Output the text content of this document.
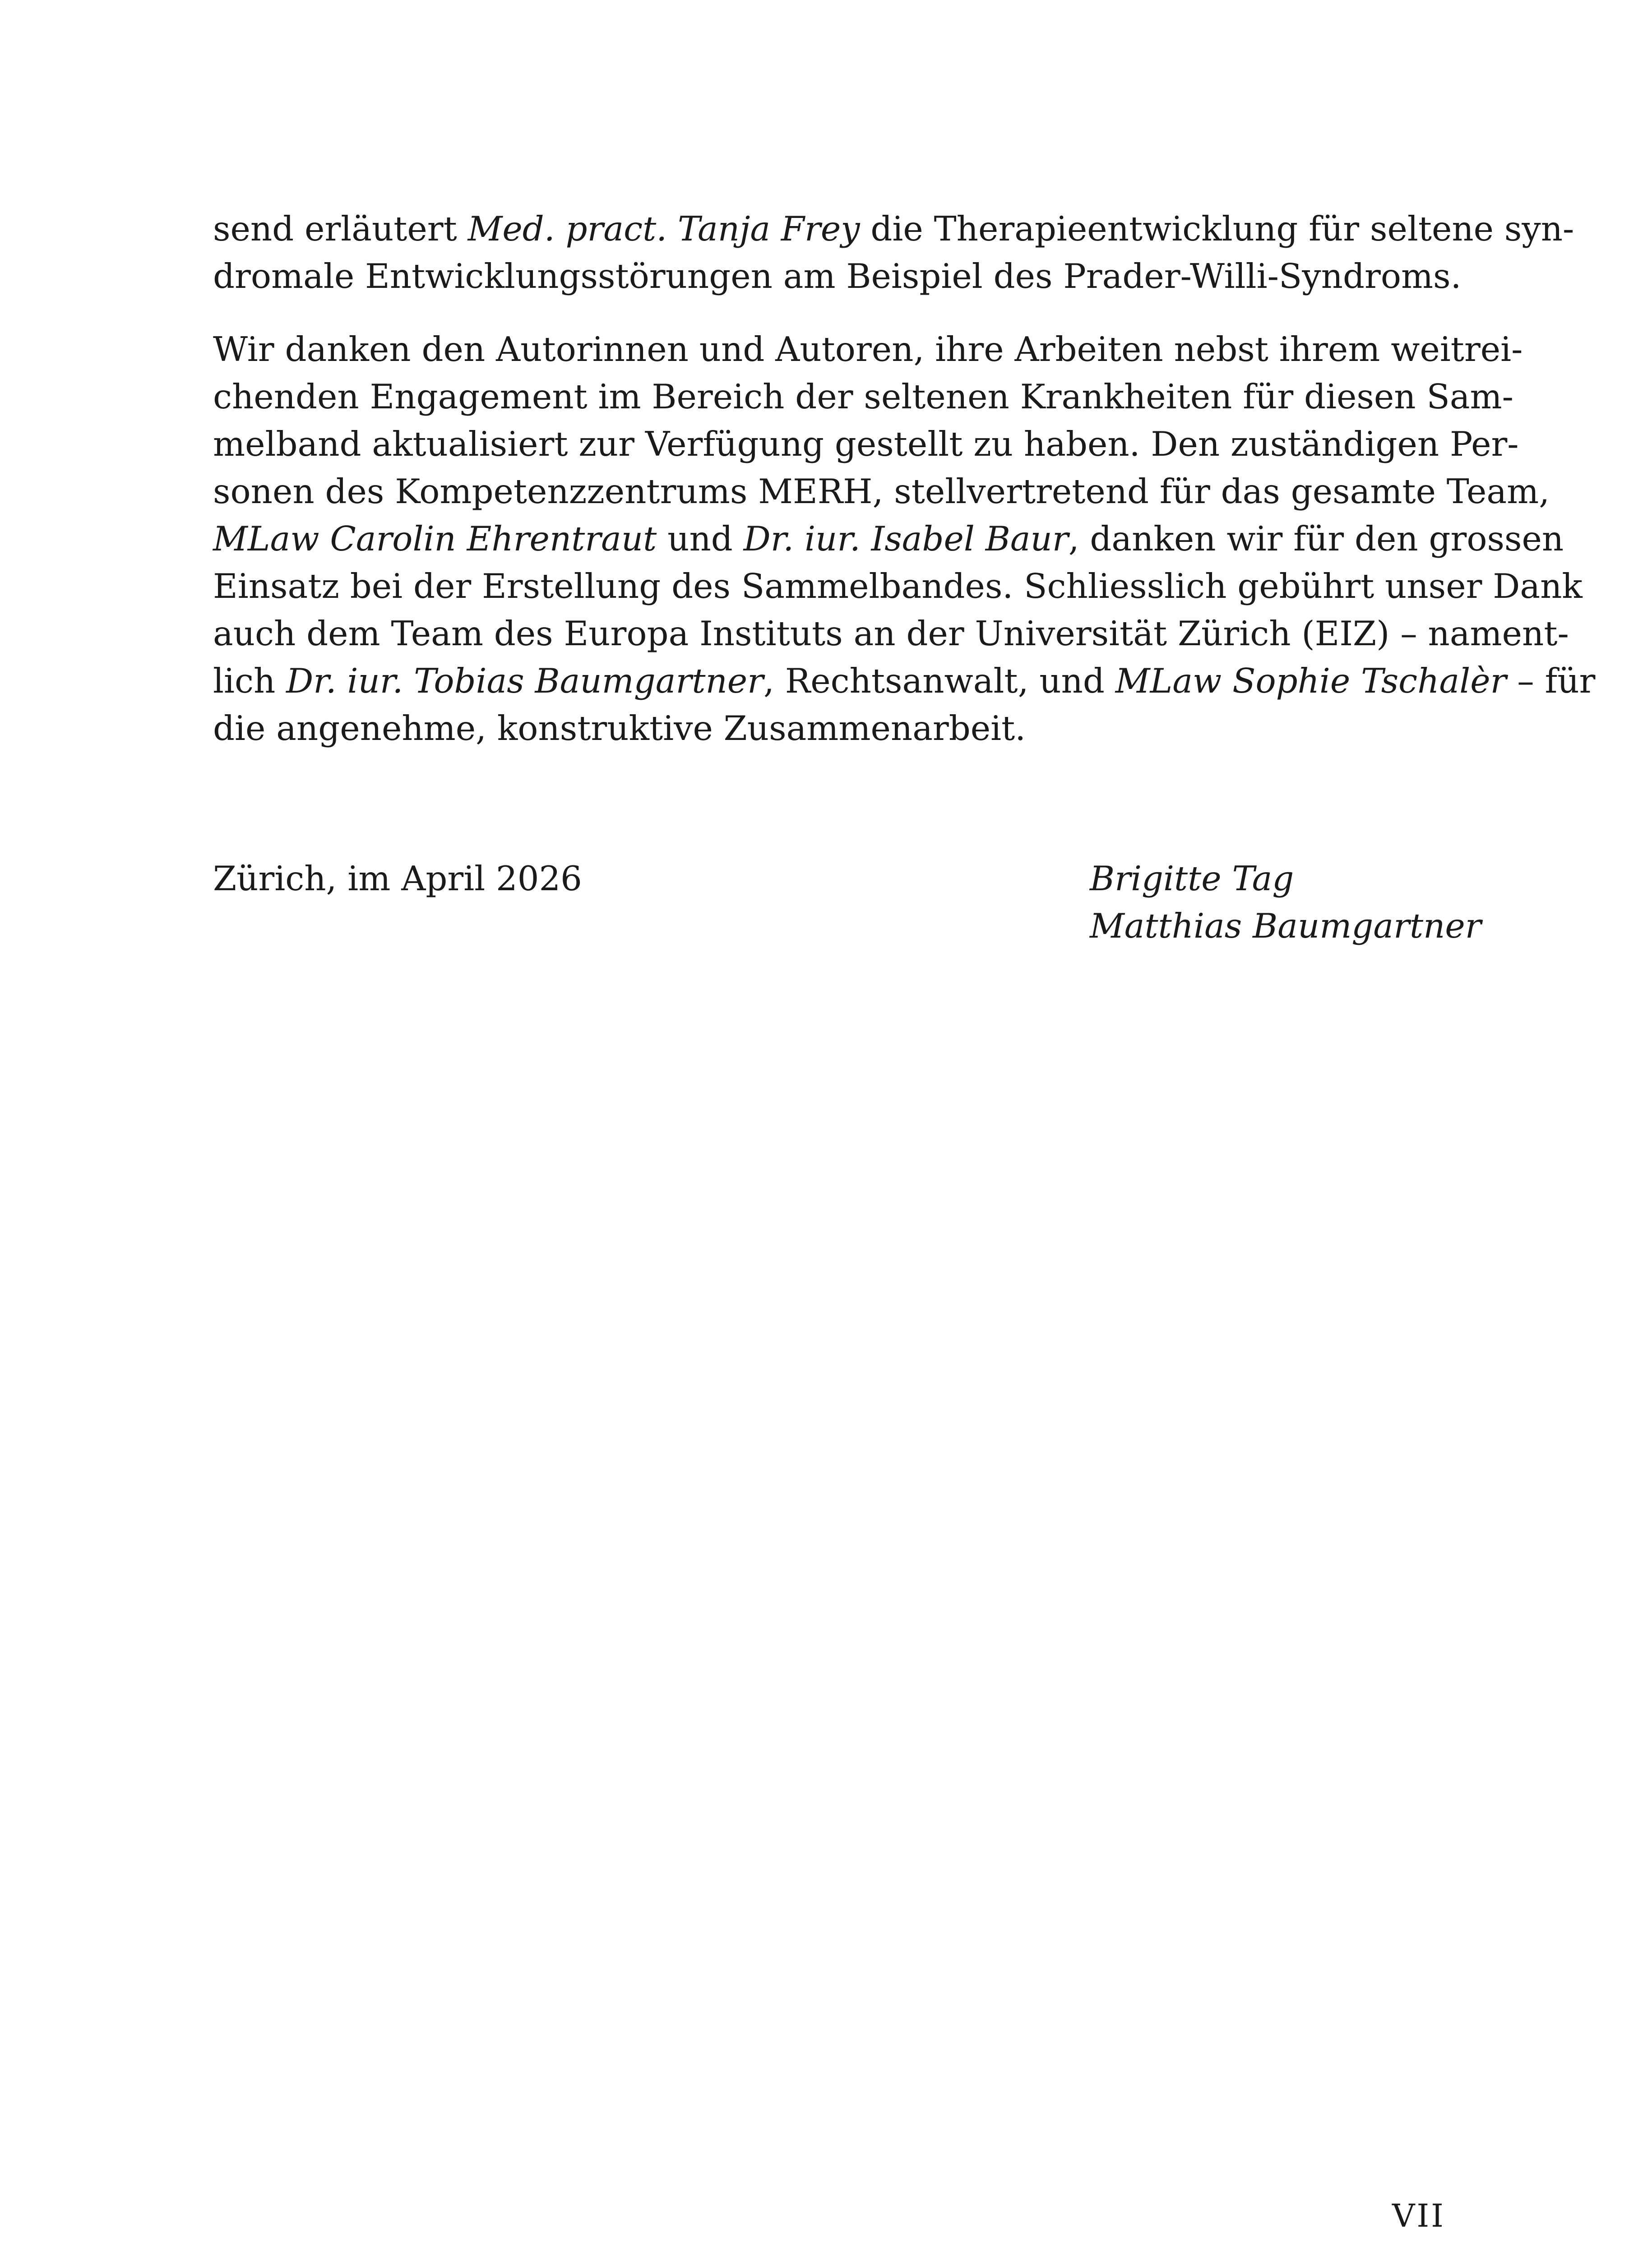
send erläutert Med. pract. Tanja Frey die Therapieentwicklung für seltene syn-
dromale Entwicklungsstörungen am Beispiel des Prader-Willi-Syndroms.

Wir danken den Autorinnen und Autoren, ihre Arbeiten nebst ihrem weitrei-
chenden Engagement im Bereich der seltenen Krankheiten für diesen Sam-
melband aktualisiert zur Verfügung gestellt zu haben. Den zuständigen Per-
sonen des Kompetenzzentrums MERH, stellvertretend für das gesamte Team,
MLaw Carolin Ehrentraut und Dr. iur. Isabel Baur, danken wir für den grossen
Einsatz bei der Erstellung des Sammelbandes. Schliesslich gebührt unser Dank
auch dem Team des Europa Instituts an der Universität Zürich (EIZ) – nament-
lich Dr. iur. Tobias Baumgartner, Rechtsanwalt, und MLaw Sophie Tschalèr – für
die angenehme, konstruktive Zusammenarbeit.

Zürich, im April 2026	Brigitte Tag
Matthias Baumgartner
VII
